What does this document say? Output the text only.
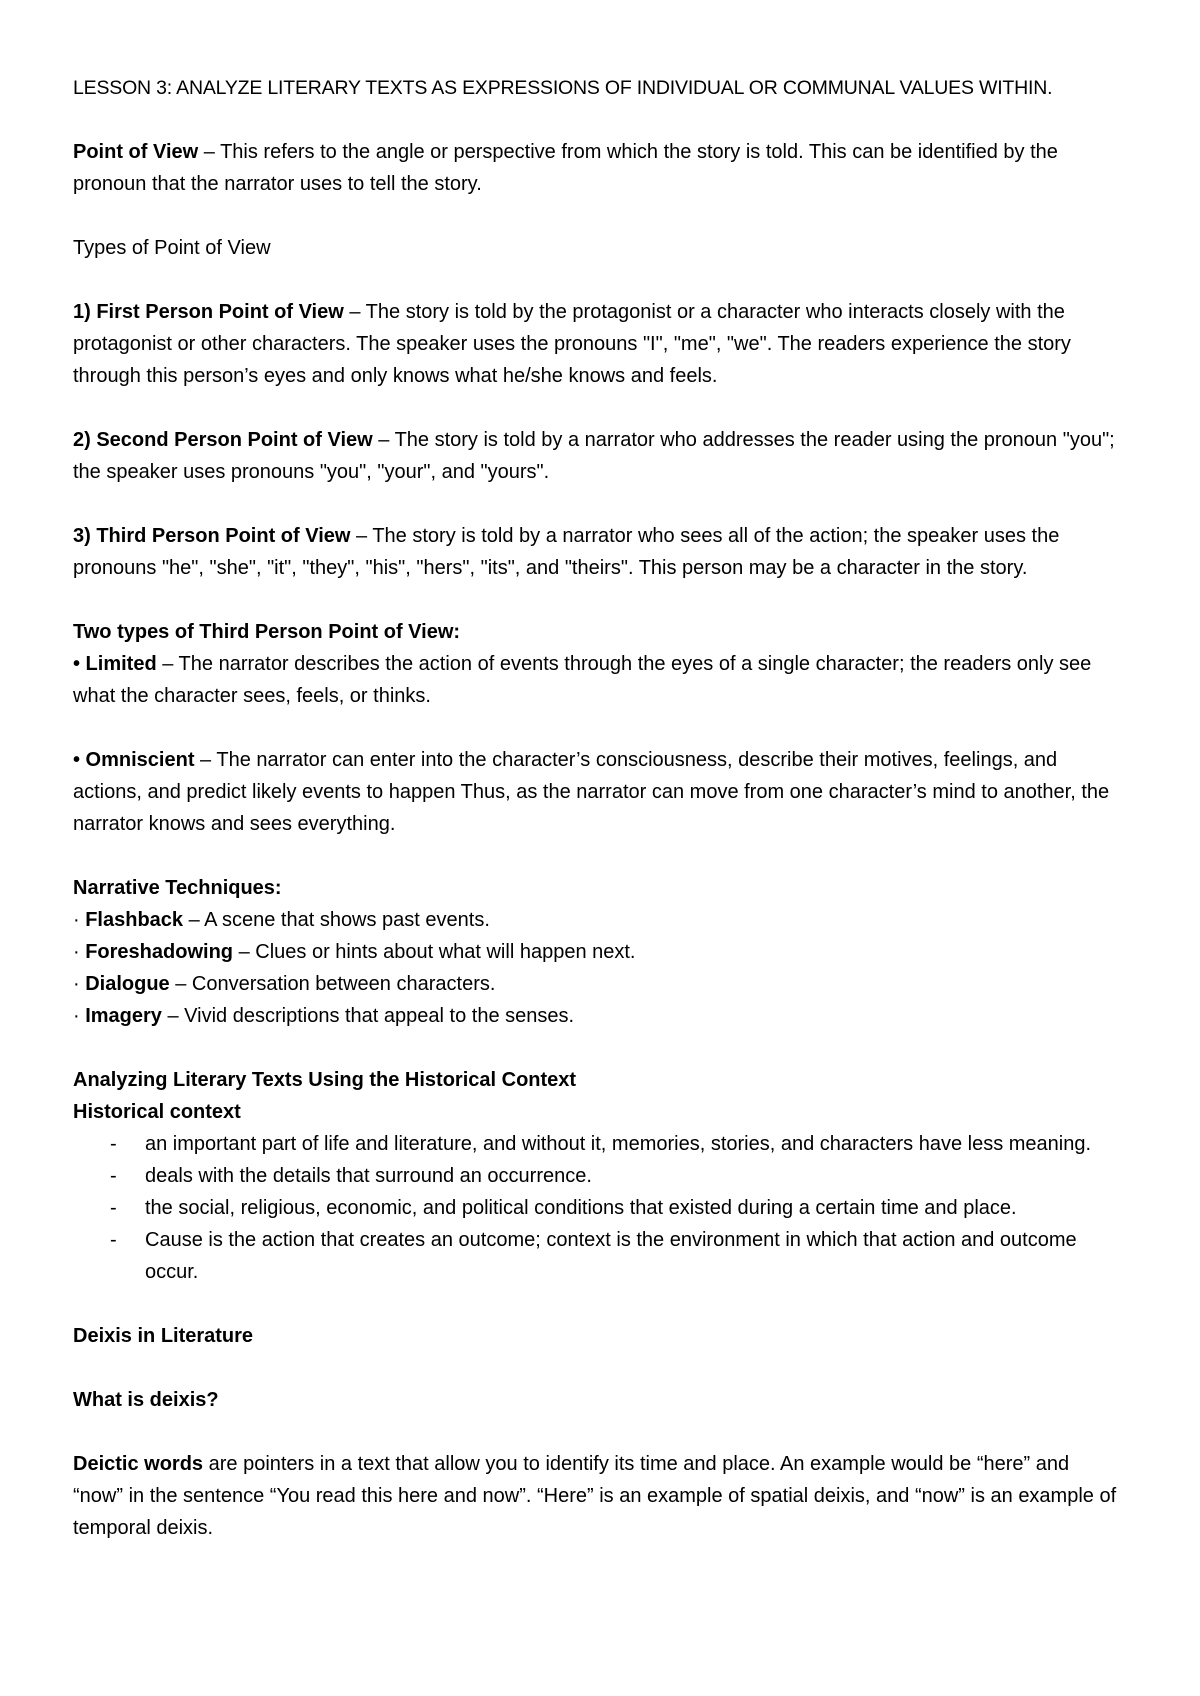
LESSON 3: ANALYZE LITERARY TEXTS AS EXPRESSIONS OF INDIVIDUAL OR COMMUNAL VALUES WITHIN.

Point of View – This refers to the angle or perspective from which the story is told. This can be identified by the pronoun that the narrator uses to tell the story.

Types of Point of View

1) First Person Point of View – The story is told by the protagonist or a character who interacts closely with the protagonist or other characters. The speaker uses the pronouns "I", "me", "we". The readers experience the story through this person’s eyes and only knows what he/she knows and feels.

2) Second Person Point of View – The story is told by a narrator who addresses the reader using the pronoun "you"; the speaker uses pronouns "you", "your", and "yours".

3) Third Person Point of View – The story is told by a narrator who sees all of the action; the speaker uses the pronouns "he", "she", "it", "they", "his", "hers", "its", and "theirs". This person may be a character in the story.

Two types of Third Person Point of View:

• Limited – The narrator describes the action of events through the eyes of a single character; the readers only see what the character sees, feels, or thinks.

• Omniscient – The narrator can enter into the character’s consciousness, describe their motives, feelings, and actions, and predict likely events to happen Thus, as the narrator can move from one character’s mind to another, the narrator knows and sees everything.

Narrative Techniques:

· Flashback – A scene that shows past events.

· Foreshadowing – Clues or hints about what will happen next.

· Dialogue – Conversation between characters.

· Imagery – Vivid descriptions that appeal to the senses.

Analyzing Literary Texts Using the Historical Context

Historical context

- an important part of life and literature, and without it, memories, stories, and characters have less meaning.
- deals with the details that surround an occurrence.
- the social, religious, economic, and political conditions that existed during a certain time and place.
- Cause is the action that creates an outcome; context is the environment in which that action and outcome occur.

Deixis in Literature

What is deixis?

Deictic words are pointers in a text that allow you to identify its time and place. An example would be “here” and “now” in the sentence “You read this here and now”. “Here” is an example of spatial deixis, and “now” is an example of temporal deixis.
